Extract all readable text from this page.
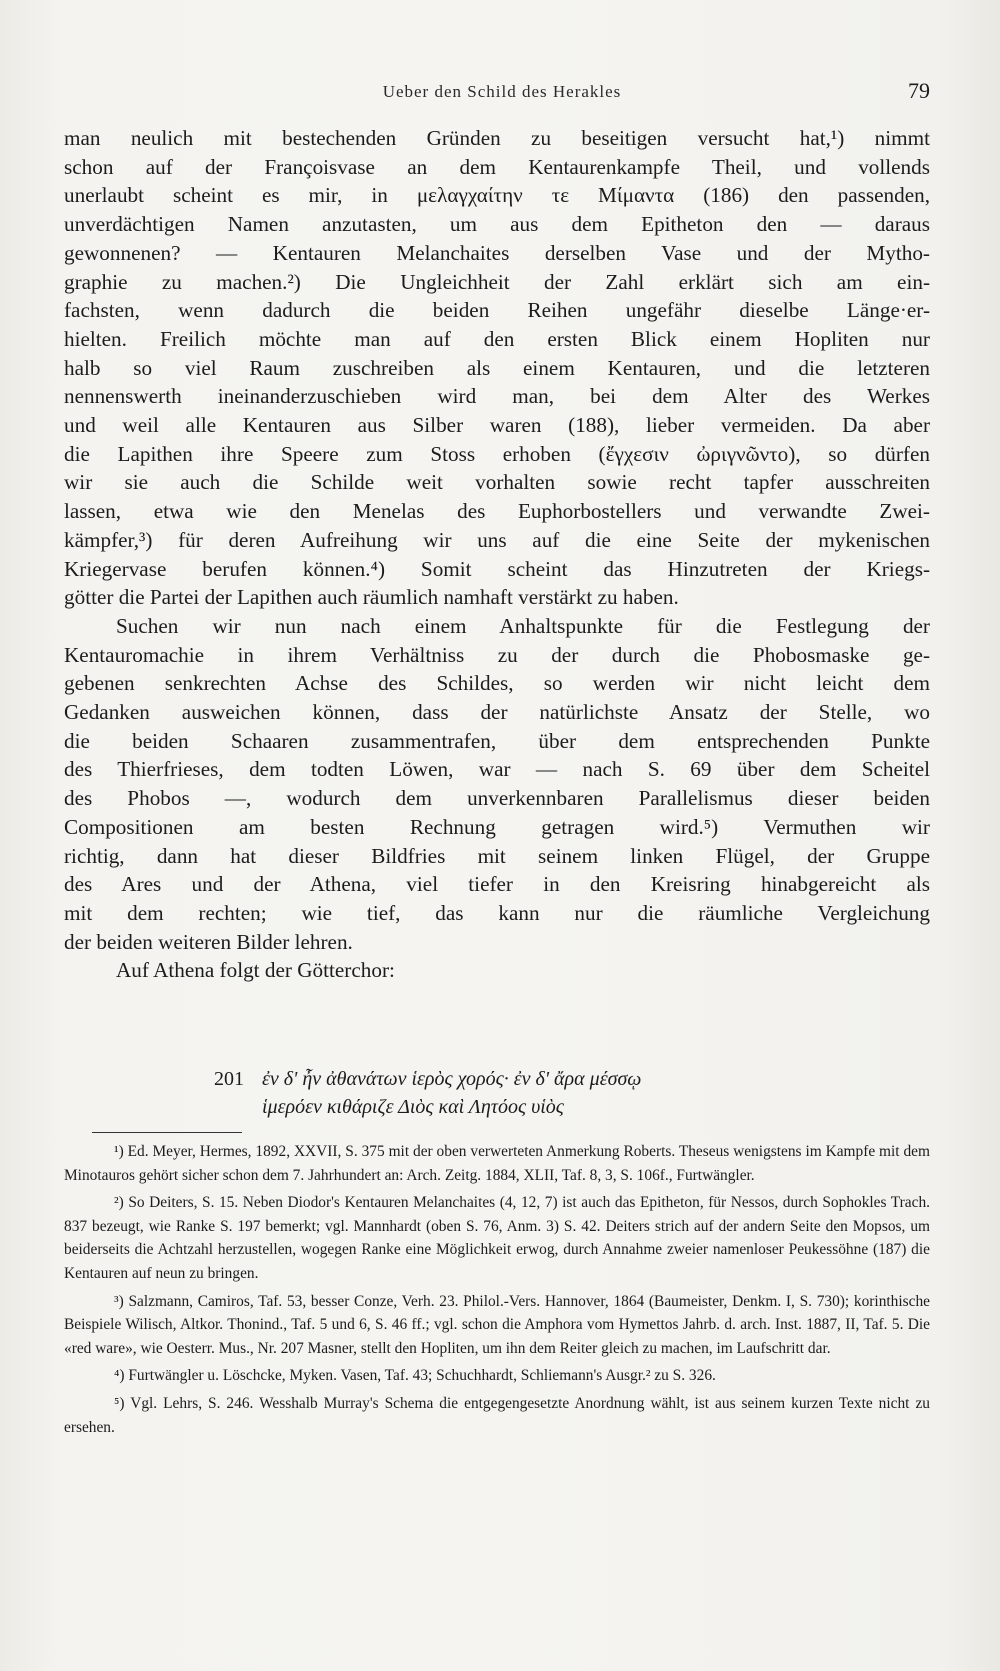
Ueber den Schild des Herakles	79

man neulich mit bestechenden Gründen zu beseitigen versucht hat,¹) nimmt

schon auf der Françoisvase an dem Kentaurenkampfe Theil, und vollends

unerlaubt scheint es mir, in μελαγχαίτην τε Μίμαντα (186) den passenden,

unverdächtigen Namen anzutasten, um aus dem Epitheton den — daraus

gewonnenen? — Kentauren Melanchaites derselben Vase und der Mytho-

graphie zu machen.²) Die Ungleichheit der Zahl erklärt sich am ein-

fachsten, wenn dadurch die beiden Reihen ungefähr dieselbe Länge·er-

hielten. Freilich möchte man auf den ersten Blick einem Hopliten nur

halb so viel Raum zuschreiben als einem Kentauren, und die letzteren

nennenswerth ineinanderzuschieben wird man, bei dem Alter des Werkes

und weil alle Kentauren aus Silber waren (188), lieber vermeiden. Da aber

die Lapithen ihre Speere zum Stoss erhoben (ἔγχεσιν ὠριγνῶντο), so dürfen

wir sie auch die Schilde weit vorhalten sowie recht tapfer ausschreiten

lassen, etwa wie den Menelas des Euphorbostellers und verwandte Zwei-

kämpfer,³) für deren Aufreihung wir uns auf die eine Seite der mykenischen

Kriegervase berufen können.⁴) Somit scheint das Hinzutreten der Kriegs-

götter die Partei der Lapithen auch räumlich namhaft verstärkt zu haben.

Suchen wir nun nach einem Anhaltspunkte für die Festlegung der

Kentauromachie in ihrem Verhältniss zu der durch die Phobosmaske ge-

gebenen senkrechten Achse des Schildes, so werden wir nicht leicht dem

Gedanken ausweichen können, dass der natürlichste Ansatz der Stelle, wo

die beiden Schaaren zusammentrafen, über dem entsprechenden Punkte

des Thierfrieses, dem todten Löwen, war — nach S. 69 über dem Scheitel

des Phobos —, wodurch dem unverkennbaren Parallelismus dieser beiden

Compositionen am besten Rechnung getragen wird.⁵) Vermuthen wir

richtig, dann hat dieser Bildfries mit seinem linken Flügel, der Gruppe

des Ares und der Athena, viel tiefer in den Kreisring hinabgereicht als

mit dem rechten; wie tief, das kann nur die räumliche Vergleichung

der beiden weiteren Bilder lehren.

Auf Athena folgt der Götterchor:

201 ἐν δ' ἦν ἀθανάτων ἱερὸς χορός· ἐν δ' ἄρα μέσσῳ
ἱμερόεν κιθάριζε Διὸς καὶ Λητόος υἱὸς

¹) Ed. Meyer, Hermes, 1892, XXVII, S. 375 mit der oben verwerteten Anmerkung Roberts. Theseus wenigstens im Kampfe mit dem Minotauros gehört sicher schon dem 7. Jahrhundert an: Arch. Zeitg. 1884, XLII, Taf. 8, 3, S. 106f., Furtwängler.

²) So Deiters, S. 15. Neben Diodor's Kentauren Melanchaites (4, 12, 7) ist auch das Epitheton, für Nessos, durch Sophokles Trach. 837 bezeugt, wie Ranke S. 197 bemerkt; vgl. Mannhardt (oben S. 76, Anm. 3) S. 42. Deiters strich auf der andern Seite den Mopsos, um beiderseits die Achtzahl herzustellen, wogegen Ranke eine Möglichkeit erwog, durch Annahme zweier namenloser Peukessöhne (187) die Kentauren auf neun zu bringen.

³) Salzmann, Camiros, Taf. 53, besser Conze, Verh. 23. Philol.-Vers. Hannover, 1864 (Baumeister, Denkm. I, S. 730); korinthische Beispiele Wilisch, Altkor. Thonind., Taf. 5 und 6, S. 46 ff.; vgl. schon die Amphora vom Hymettos Jahrb. d. arch. Inst. 1887, II, Taf. 5. Die «red ware», wie Oesterr. Mus., Nr. 207 Masner, stellt den Hopliten, um ihn dem Reiter gleich zu machen, im Laufschritt dar.

⁴) Furtwängler u. Löschcke, Myken. Vasen, Taf. 43; Schuchhardt, Schliemann's Ausgr.² zu S. 326.

⁵) Vgl. Lehrs, S. 246. Wesshalb Murray's Schema die entgegengesetzte Anordnung wählt, ist aus seinem kurzen Texte nicht zu ersehen.
